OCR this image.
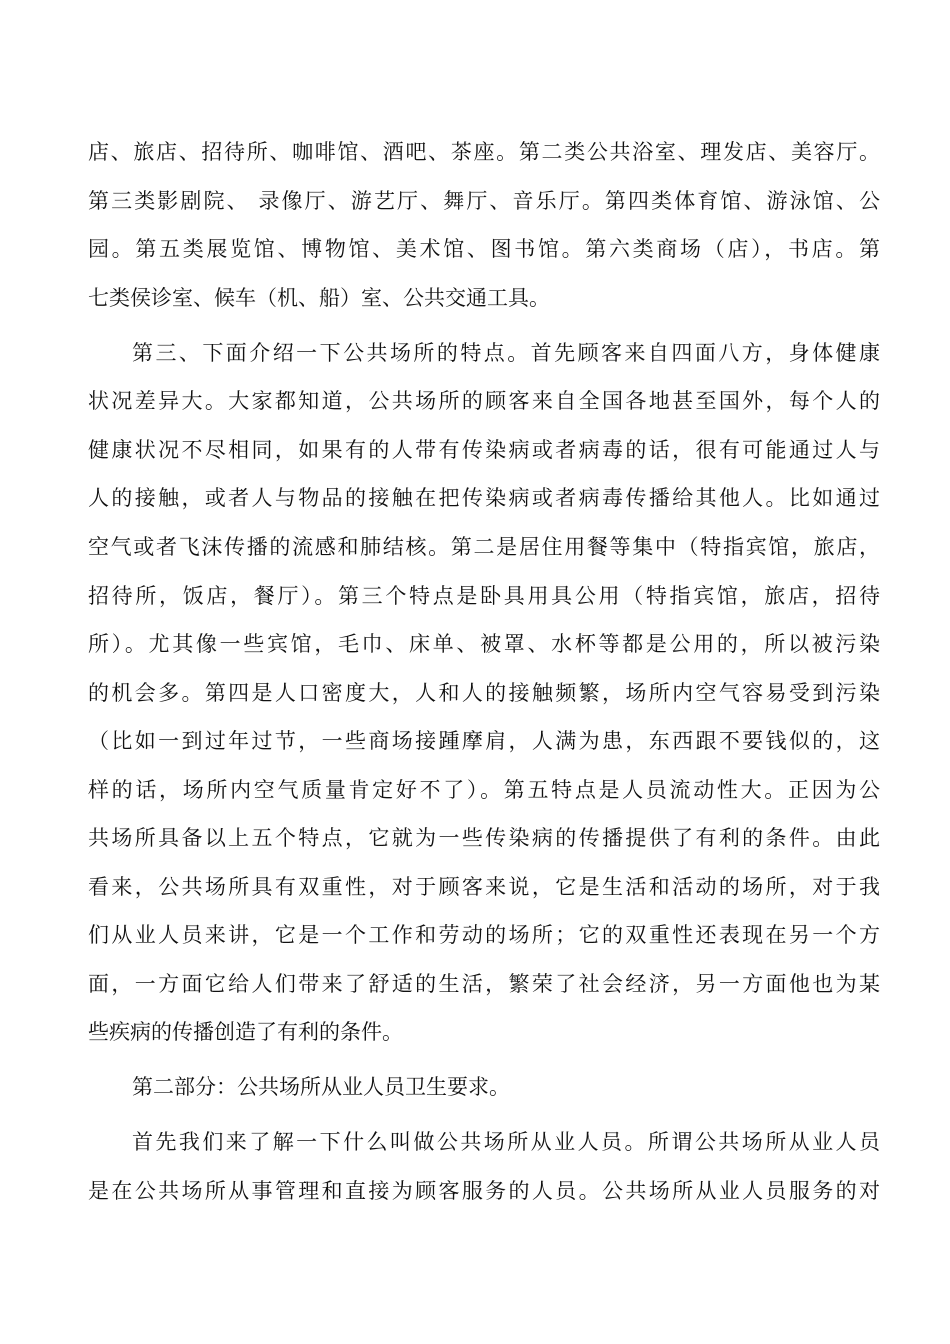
店、旅店、招待所、咖啡馆、酒吧、茶座。第二类公共浴室、理发店、美容厅。
第三类影剧院、 录像厅、游艺厅、舞厅、音乐厅。第四类体育馆、游泳馆、公
园。第五类展览馆、博物馆、美术馆、图书馆。第六类商场（店），书店。第
七类侯诊室、候车（机、船）室、公共交通工具。
第三、下面介绍一下公共场所的特点。首先顾客来自四面八方，身体健康
状况差异大。大家都知道，公共场所的顾客来自全国各地甚至国外，每个人的
健康状况不尽相同，如果有的人带有传染病或者病毒的话，很有可能通过人与
人的接触，或者人与物品的接触在把传染病或者病毒传播给其他人。比如通过
空气或者飞沫传播的流感和肺结核。第二是居住用餐等集中（特指宾馆，旅店，
招待所，饭店，餐厅）。第三个特点是卧具用具公用（特指宾馆，旅店，招待
所）。尤其像一些宾馆，毛巾、床单、被罩、水杯等都是公用的，所以被污染
的机会多。第四是人口密度大，人和人的接触频繁，场所内空气容易受到污染
（比如一到过年过节，一些商场接踵摩肩，人满为患，东西跟不要钱似的，这
样的话，场所内空气质量肯定好不了）。第五特点是人员流动性大。正因为公
共场所具备以上五个特点，它就为一些传染病的传播提供了有利的条件。由此
看来，公共场所具有双重性，对于顾客来说，它是生活和活动的场所，对于我
们从业人员来讲，它是一个工作和劳动的场所；它的双重性还表现在另一个方
面，一方面它给人们带来了舒适的生活，繁荣了社会经济，另一方面他也为某
些疾病的传播创造了有利的条件。
第二部分：公共场所从业人员卫生要求。
首先我们来了解一下什么叫做公共场所从业人员。所谓公共场所从业人员
是在公共场所从事管理和直接为顾客服务的人员。公共场所从业人员服务的对
